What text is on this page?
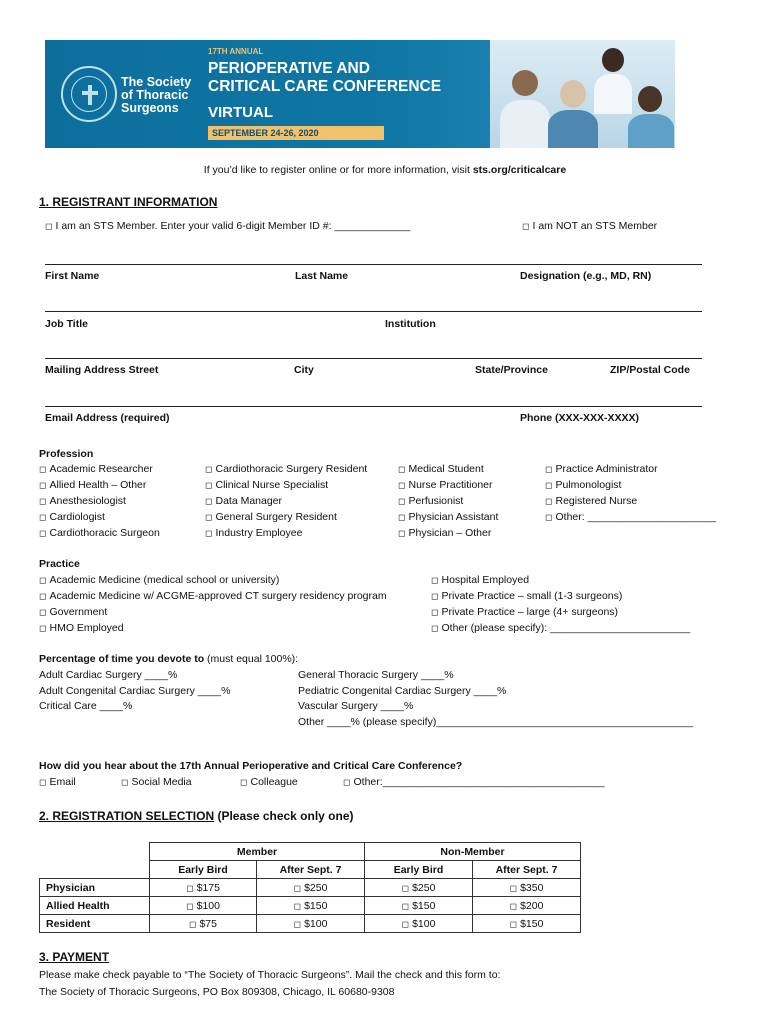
The Society
of Thoracic
Surgeons
17TH ANNUAL
PERIOPERATIVE AND
CRITICAL CARE CONFERENCE
VIRTUAL
SEPTEMBER 24-26, 2020
If you’d like to register online or for more information, visit sts.org/criticalcare
1. REGISTRANT INFORMATION
◻ I am an STS Member. Enter your valid 6-digit Member ID #: _____________	◻ I am NOT an STS Member
First Name	Last Name	Designation (e.g., MD, RN)
Job Title	Institution
Mailing Address Street	City	State/Province	ZIP/Postal Code
Email Address (required)	Phone (XXX-XXX-XXXX)
Profession
◻ Academic Researcher
◻ Allied Health – Other
◻ Anesthesiologist
◻ Cardiologist
◻ Cardiothoracic Surgeon
◻ Cardiothoracic Surgery Resident
◻ Clinical Nurse Specialist
◻ Data Manager
◻ General Surgery Resident
◻ Industry Employee
◻ Medical Student
◻ Nurse Practitioner
◻ Perfusionist
◻ Physician Assistant
◻ Physician – Other
◻ Practice Administrator
◻ Pulmonologist
◻ Registered Nurse
◻ Other: ______________________
Practice
◻ Academic Medicine (medical school or university)
◻ Academic Medicine w/ ACGME-approved CT surgery residency program
◻ Government
◻ HMO Employed
◻ Hospital Employed
◻ Private Practice – small (1-3 surgeons)
◻ Private Practice – large (4+ surgeons)
◻ Other (please specify): ________________________
Percentage of time you devote to (must equal 100%):
Adult Cardiac Surgery ____%
Adult Congenital Cardiac Surgery ____%
Critical Care ____%
General Thoracic Surgery ____%
Pediatric Congenital Cardiac Surgery ____%
Vascular Surgery ____%
Other ____% (please specify)____________________________________________
How did you hear about the 17th Annual Perioperative and Critical Care Conference?
◻ Email	◻ Social Media	◻ Colleague	◻ Other:______________________________________
2. REGISTRATION SELECTION (Please check only one)
	Member		Non-Member	
	Early Bird	After Sept. 7	Early Bird	After Sept. 7
Physician	◻ $175	◻ $250	◻ $250	◻ $350
Allied Health	◻ $100	◻ $150	◻ $150	◻ $200
Resident	◻ $75	◻ $100	◻ $100	◻ $150
3. PAYMENT
Please make check payable to “The Society of Thoracic Surgeons”. Mail the check and this form to:
The Society of Thoracic Surgeons, PO Box 809308, Chicago, IL 60680-9308
